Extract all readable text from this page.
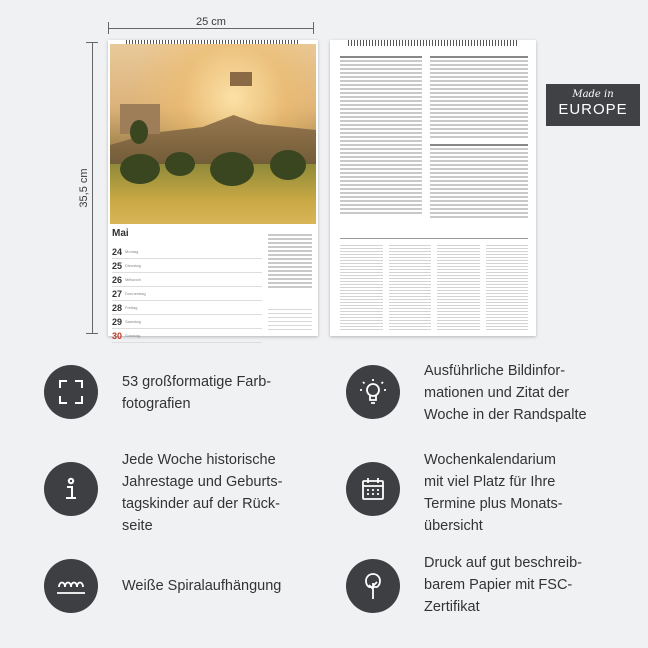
25 cm
35,5 cm
Mai
24 Montag
25 Dienstag
26 Mittwoch
27 Donnerstag
28 Freitag
29 Samstag
30 Sonntag
Made in
EUROPE
53 großformatige Farb-
fotografien
Jede Woche historische
Jahrestage und Geburts-
tagskinder auf der Rück-
seite
Weiße Spiralaufhängung
Ausführliche Bildinfor-
mationen und Zitat der
Woche in der Randspalte
Wochenkalendarium
mit viel Platz für Ihre
Termine plus Monats-
übersicht
Druck auf gut beschreib-
barem Papier mit FSC-
Zertifikat
